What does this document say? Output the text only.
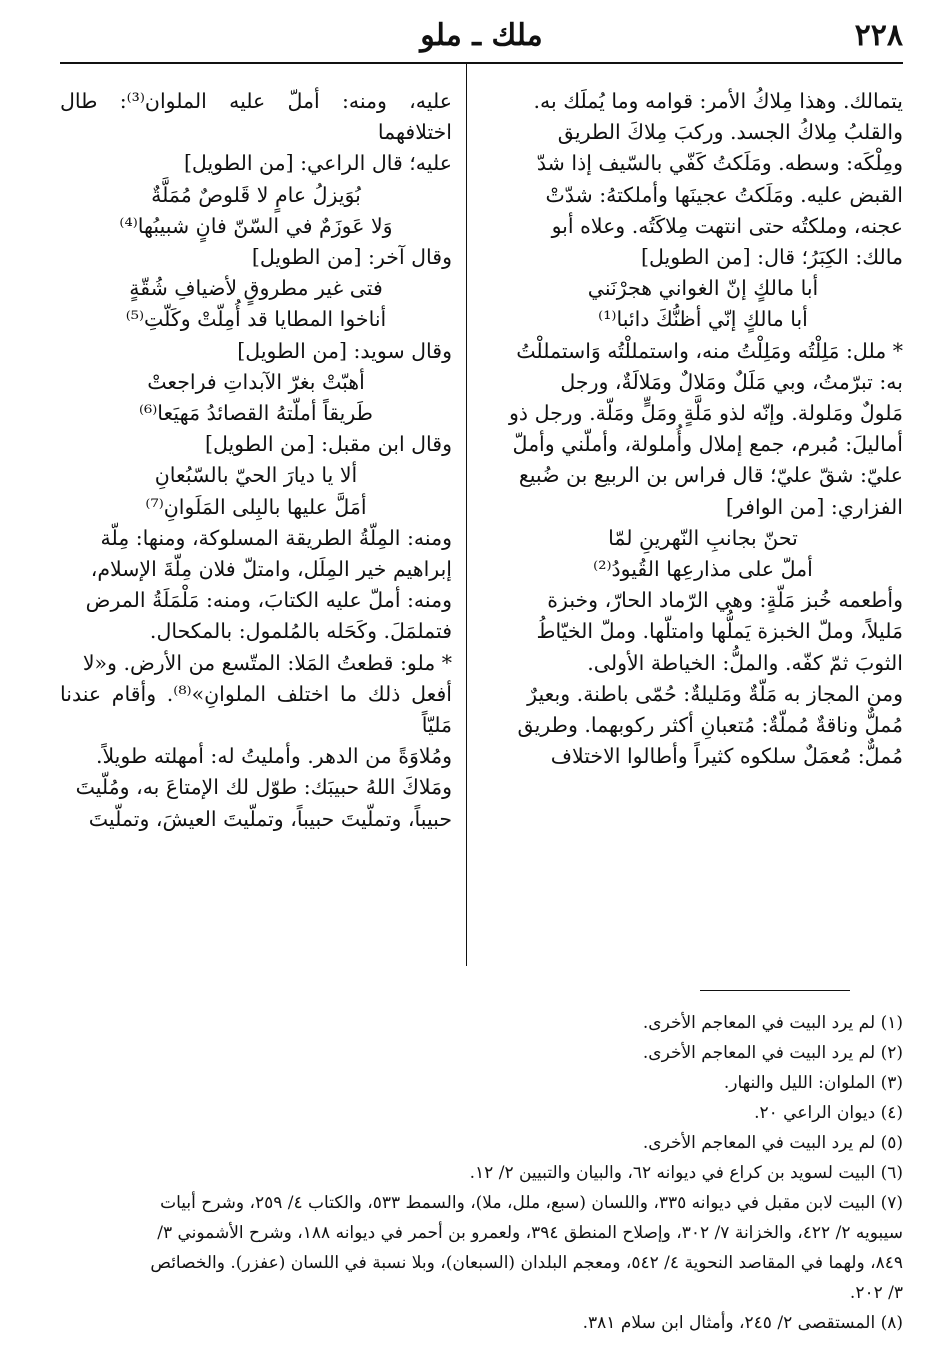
٢٢٨
ملك ـ ملو

يتمالك. وهذا مِلاكُ الأمر: قوامه وما يُملَك به.

والقلبُ مِلاكُ الجسد. وركبَ مِلاكَ الطريق

ومِلْكَه: وسطه. ومَلَكتُ كَفّي بالسّيف إذا شدّ

القبض عليه. ومَلَكتُ عجينَها وأملكتهُ: شدّتْ

عجنه، وملكتُه حتى انتهت مِلاكَتُه. وعلاه أبو

مالك: الكِبَرُ؛ قال: [من الطويل]

أبا مالكٍ إنّ الغواني هجرْنَني

أبا مالكٍ إنّي أظنُّكَ دائبا⁽¹⁾

* ملل: مَلِلْتُه ومَلِلْتُ منه، واستمللْتُه وَاستمللْتُ

به: تبرّمتُ، وبي مَلَلٌ ومَلالٌ ومَلالَةٌ، ورجل

مَلولٌ ومَلولة. وإنّه لذو مَلَّةٍ ومَلٍّ ومَلّة. ورجل ذو

أماليلَ: مُبرم، جمع إملال وأُملولة، وأملّني وأملّ

عليّ: شقّ عليّ؛ قال فراس بن الربيع بن ضُبيع

الفزاري: [من الوافر]

تحنّ بجانبِ النّهرينِ لمّا

أملّ على مذارعِها القُيودُ⁽²⁾

وأطعمه خُبز مَلّةٍ: وهي الرّماد الحارّ، وخبزة

مَليلاً، وملّ الخبزة يَملُّها وامتلّها. وملّ الخيّاطُ

الثوبَ ثمّ كفّه. والملُّ: الخياطة الأولى.

ومن المجاز به مَلّةٌ ومَليلةٌ: حُمّى باطنة. وبعيرٌ

مُملٌّ وناقةٌ مُملّةٌ: مُتعبانِ أكثر ركوبهما. وطريق

مُملٌّ: مُعمَلٌ سلكوه كثيراً وأطالوا الاختلاف

عليه، ومنه: أملّ عليه الملوان⁽³⁾: طال اختلافهما

عليه؛ قال الراعي: [من الطويل]

بُوَيزلُ عامٍ لا قَلوصٌ مُمَلَّةٌ

وَلا عَوزَمٌ في السّنّ فانٍ شبيبُها⁽⁴⁾

وقال آخر: [من الطويل]

فتى غير مطروقٍ لأضيافِ شُقّةٍ

أناخوا المطايا قد أُمِلّتْ وكَلّتِ⁽⁵⁾

وقال سويد: [من الطويل]

أهبّتْ بغرّ الآبداتِ فراجعتْ

طَريقاً أملّتهُ القصائدُ مَهيَعا⁽⁶⁾

وقال ابن مقبل: [من الطويل]

ألا يا ديارَ الحيّ بالسّبُعانِ

أمَلَّ عليها بالبِلى المَلَوانِ⁽⁷⁾

ومنه: المِلّةُ الطريقة المسلوكة، ومنها: مِلّة

إبراهيم خير المِلَل، وامتلّ فلان مِلّةَ الإسلام،

ومنه: أملّ عليه الكتابَ، ومنه: مَلْمَلَةُ المرض

فتملمَلَ. وكَحَله بالمُلمول: بالمكحال.

* ملو: قطعتُ المَلا: المتّسع من الأرض. و«لا

أفعل ذلك ما اختلف الملوانِ»⁽⁸⁾. وأقام عندنا مَليّاً

ومُلاوَةً من الدهر. وأمليتُ له: أمهلته طويلاً.

ومَلاكَ اللهُ حبيبَك: طوّل لك الإمتاعَ به، ومُلّيتَ

حبيباً، وتملّيتَ حبيباً، وتملّيتَ العيشَ، وتملّيتَ

(١) لم يرد البيت في المعاجم الأخرى.

(٢) لم يرد البيت في المعاجم الأخرى.

(٣) الملوان: الليل والنهار.

(٤) ديوان الراعي ٢٠.

(٥) لم يرد البيت في المعاجم الأخرى.

(٦) البيت لسويد بن كراع في ديوانه ٦٢، والبيان والتبيين ٢/ ١٢.

(٧) البيت لابن مقبل في ديوانه ٣٣٥، واللسان (سبع، ملل، ملا)، والسمط ٥٣٣، والكتاب ٤/ ٢٥٩، وشرح أبيات

سيبويه ٢/ ٤٢٢، والخزانة ٧/ ٣٠٢، وإصلاح المنطق ٣٩٤، ولعمرو بن أحمر في ديوانه ١٨٨، وشرح الأشموني ٣/

٨٤٩، ولهما في المقاصد النحوية ٤/ ٥٤٢، ومعجم البلدان (السبعان)، وبلا نسبة في اللسان (عفزر). والخصائص

٣/ ٢٠٢.

(٨) المستقصى ٢/ ٢٤٥، وأمثال ابن سلام ٣٨١.
